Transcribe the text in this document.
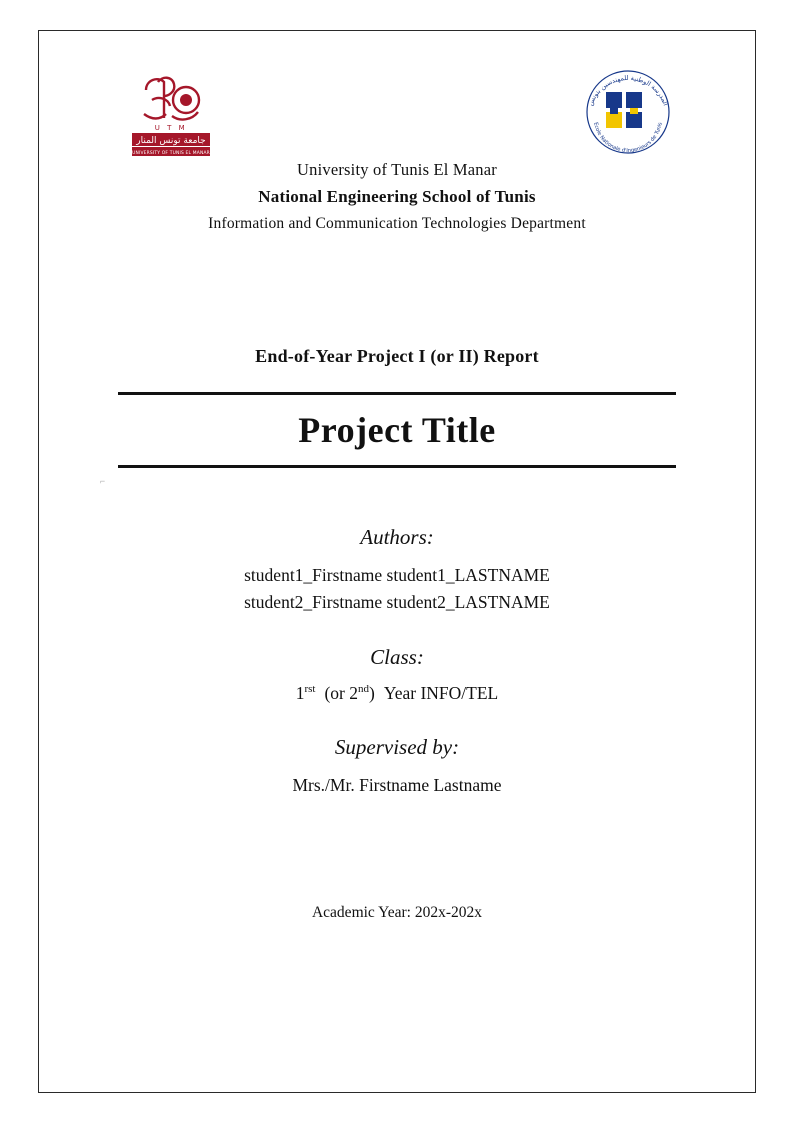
U T M
جامعة تونس المنار
UNIVERSITY OF TUNIS EL MANAR
المدرسة الوطنية للمهندسين بتونس
Ecole Nationale d'Ingenieurs de Tunis
University of Tunis El Manar
National Engineering School of Tunis
Information and Communication Technologies Department
End-of-Year Project I (or II) Report
Project Title
⌐
Authors:
student1_Firstname student1_LASTNAME
student2_Firstname student2_LASTNAME
Class:
$1^{rst}$ (or 2nd) Year INFO/TEL
Supervised by:
Mrs./Mr. Firstname Lastname
Academic Year: 202x-202x
